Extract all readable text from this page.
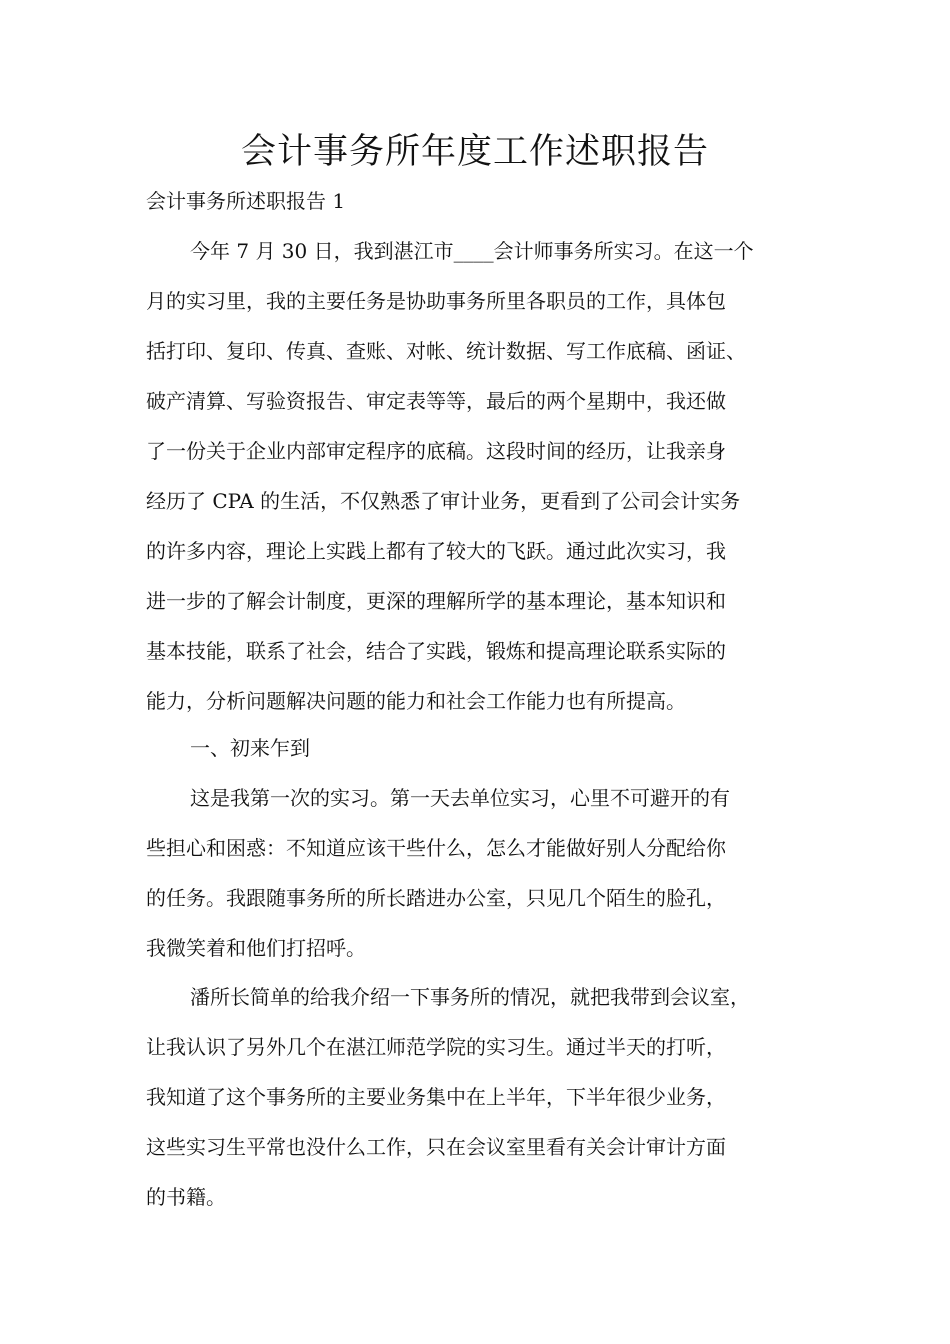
会计事务所年度工作述职报告

会计事务所述职报告 1

今年 7 月 30 日，我到湛江市____会计师事务所实习。在这一个
月的实习里，我的主要任务是协助事务所里各职员的工作，具体包
括打印、复印、传真、查账、对帐、统计数据、写工作底稿、函证、
破产清算、写验资报告、审定表等等，最后的两个星期中，我还做
了一份关于企业内部审定程序的底稿。这段时间的经历，让我亲身
经历了 CPA 的生活，不仅熟悉了审计业务，更看到了公司会计实务
的许多内容，理论上实践上都有了较大的飞跃。通过此次实习，我
进一步的了解会计制度，更深的理解所学的基本理论，基本知识和
基本技能，联系了社会，结合了实践，锻炼和提高理论联系实际的
能力，分析问题解决问题的能力和社会工作能力也有所提高。
一、初来乍到
这是我第一次的实习。第一天去单位实习，心里不可避开的有
些担心和困惑：不知道应该干些什么，怎么才能做好别人分配给你
的任务。我跟随事务所的所长踏进办公室，只见几个陌生的脸孔，
我微笑着和他们打招呼。
潘所长简单的给我介绍一下事务所的情况，就把我带到会议室，
让我认识了另外几个在湛江师范学院的实习生。通过半天的打听，
我知道了这个事务所的主要业务集中在上半年，下半年很少业务，
这些实习生平常也没什么工作，只在会议室里看有关会计审计方面
的书籍。
